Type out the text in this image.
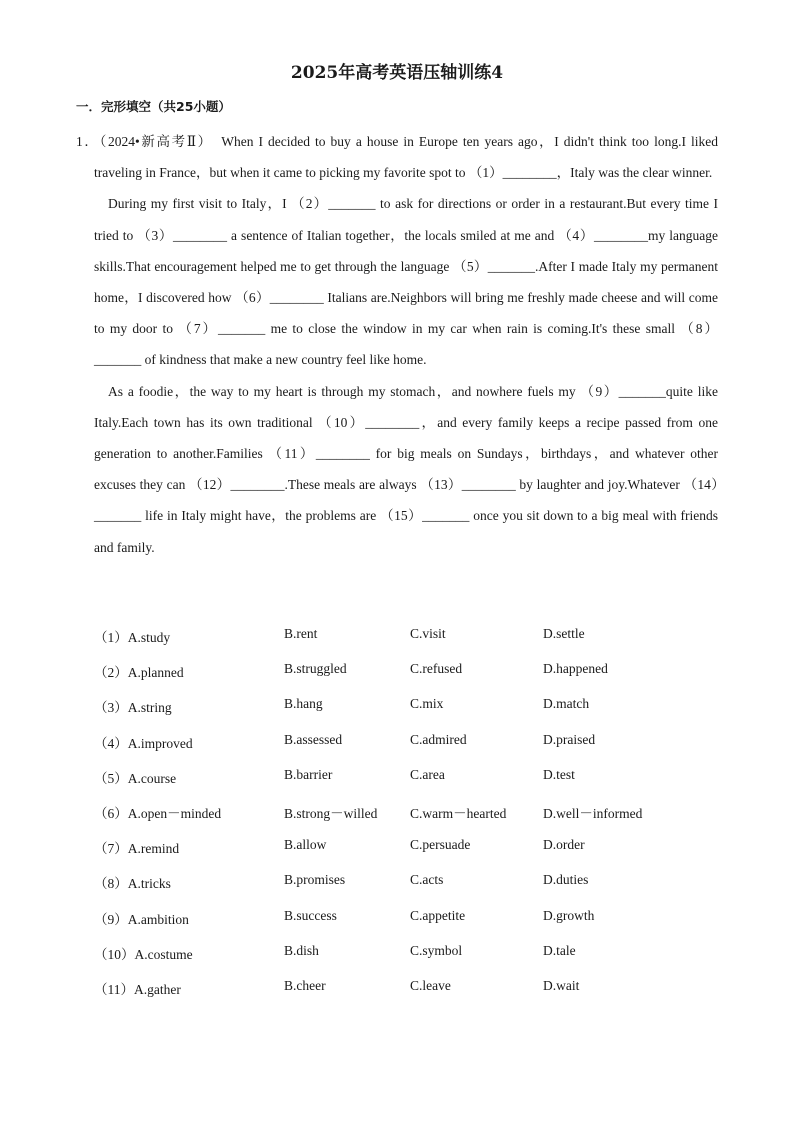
2025年高考英语压轴训练4
一．完形填空（共25小题）

1．（2024•新高考Ⅱ）　When I decided to buy a house in Europe ten years ago，I didn't think too long.I liked traveling in France，but when it came to picking my favorite spot to （1）________，Italy was the clear winner.

During my first visit to Italy，I （2）_______ to ask for directions or order in a restaurant.But every time I tried to （3）________ a sentence of Italian together，the locals smiled at me and （4）________my language skills.That encouragement helped me to get through the language （5）_______.After I made Italy my permanent home，I discovered how （6）________ Italians are.Neighbors will bring me freshly made cheese and will come to my door to （7）_______ me to close the window in my car when rain is coming.It's these small （8）_______ of kindness that make a new country feel like home.

As a foodie，the way to my heart is through my stomach，and nowhere fuels my （9）_______quite like Italy.Each town has its own traditional （10）________，and every family keeps a recipe passed from one generation to another.Families （11）________ for big meals on Sundays，birthdays，and whatever other excuses they can （12）________.These meals are always （13）________ by laughter and joy.Whatever （14）_______ life in Italy might have，the problems are （15）_______ once you sit down to a big meal with friends and family.

（1）A.study	B.rent	C.visit	D.settle
（2）A.planned	B.struggled	C.refused	D.happened
（3）A.string	B.hang	C.mix	D.match
（4）A.improved	B.assessed	C.admired	D.praised
（5）A.course	B.barrier	C.area	D.test
（6）A.open－minded	B.strong－willed C.warm－hearted	D.well－informed
（7）A.remind	B.allow	C.persuade	D.order
（8）A.tricks	B.promises	C.acts	D.duties
（9）A.ambition	B.success	C.appetite	D.growth
（10）A.costume	B.dish	C.symbol	D.tale
（11）A.gather	B.cheer	C.leave	D.wait
